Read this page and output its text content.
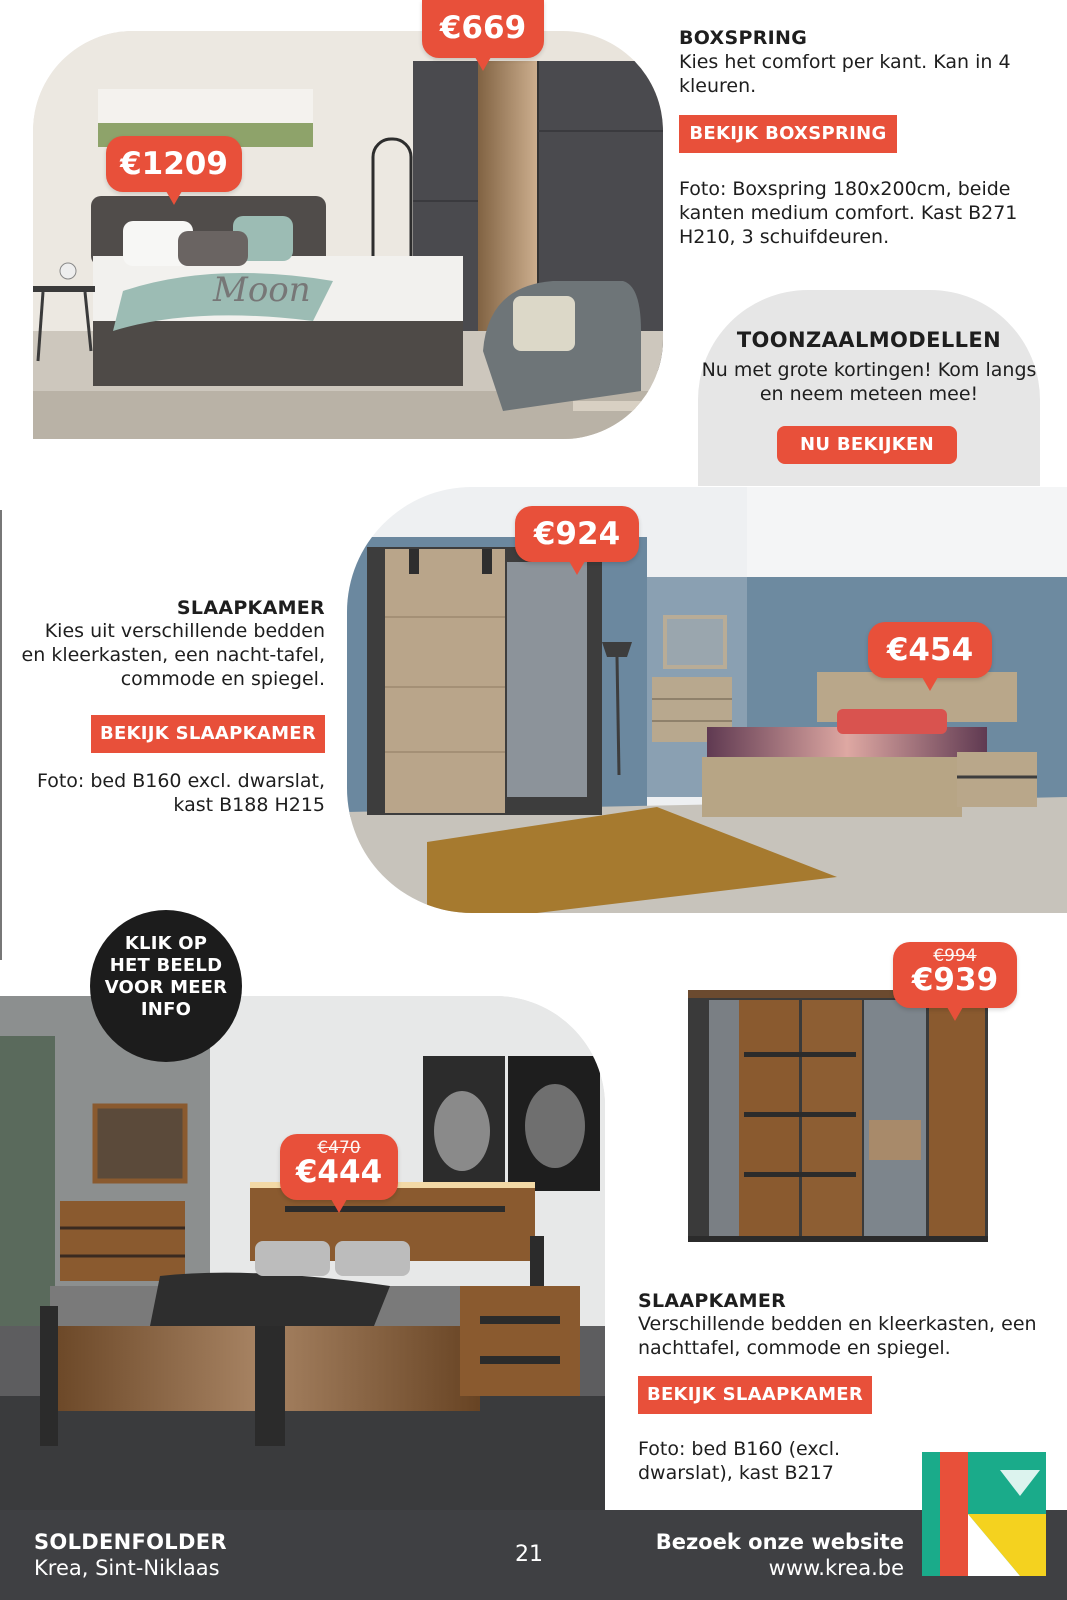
Moon
€669
€1209
€924
€454
€994
€939
€470
€444
BOXSPRING
Kies het comfort per kant. Kan in 4 kleuren.
BEKIJK BOXSPRING
Foto: Boxspring 180x200cm, beide kanten medium comfort. Kast B271 H210, 3 schuifdeuren.
TOONZAALMODELLEN
Nu met grote kortingen! Kom langs en neem meteen mee!
NU BEKIJKEN
SLAAPKAMER
Kies uit verschillende bedden en kleerkasten, een nacht-tafel, commode en spiegel.
BEKIJK SLAAPKAMER
Foto: bed B160 excl. dwarslat, kast B188 H215
KLIK OP
HET BEELD
VOOR MEER
INFO
SLAAPKAMER
Verschillende bedden en kleerkasten, een nachttafel, commode en spiegel.
BEKIJK SLAAPKAMER
Foto: bed B160 (excl. dwarslat), kast B217
SOLDENFOLDER
Krea, Sint-Niklaas
21	Bezoek onze website
www.krea.be
